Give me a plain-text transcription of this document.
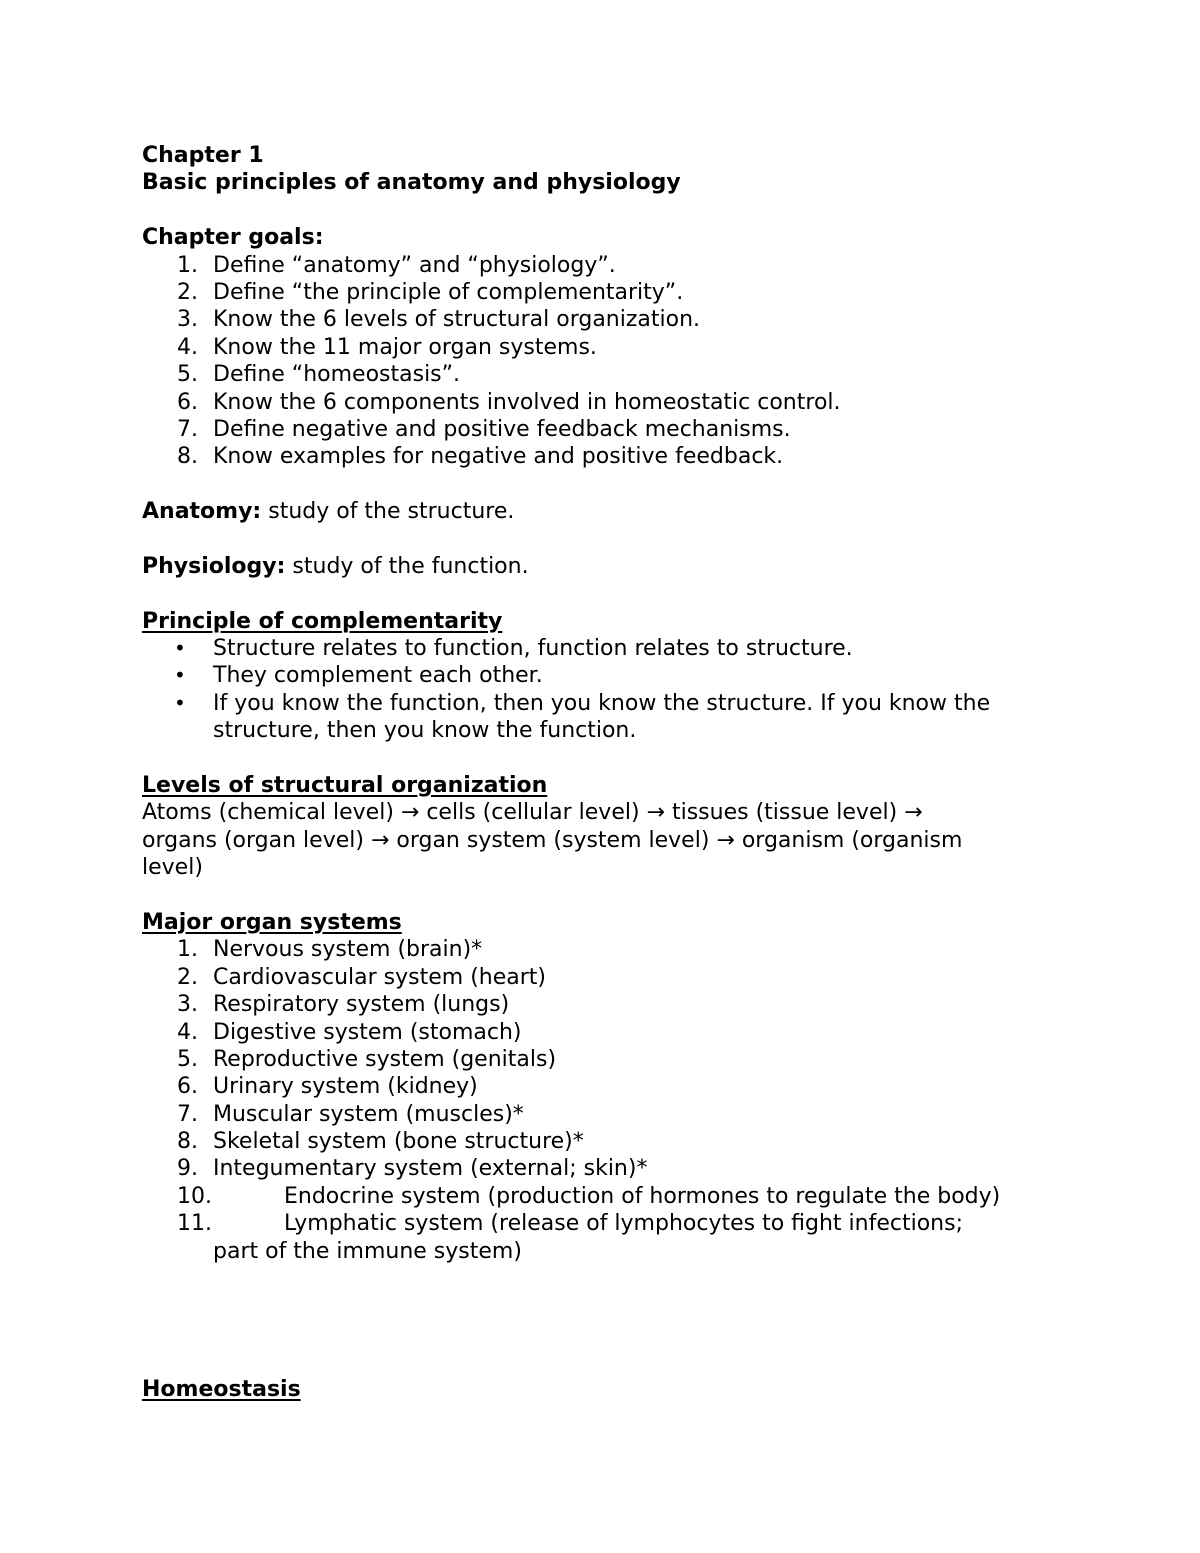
Chapter 1
Basic principles of anatomy and physiology
Chapter goals:
1. Define “anatomy” and “physiology”.
2. Define “the principle of complementarity”.
3. Know the 6 levels of structural organization.
4. Know the 11 major organ systems.
5. Define “homeostasis”.
6. Know the 6 components involved in homeostatic control.
7. Define negative and positive feedback mechanisms.
8. Know examples for negative and positive feedback.
Anatomy: study of the structure.
Physiology: study of the function.
Principle of complementarity
• Structure relates to function, function relates to structure.
• They complement each other.
• If you know the function, then you know the structure. If you know the
structure, then you know the function.
Levels of structural organization
Atoms (chemical level) → cells (cellular level) → tissues (tissue level) →
organs (organ level) → organ system (system level) → organism (organism
level)
Major organ systems
1. Nervous system (brain)*
2. Cardiovascular system (heart)
3. Respiratory system (lungs)
4. Digestive system (stomach)
5. Reproductive system (genitals)
6. Urinary system (kidney)
7. Muscular system (muscles)*
8. Skeletal system (bone structure)*
9. Integumentary system (external; skin)*
10.	Endocrine system (production of hormones to regulate the body)
11.	Lymphatic system (release of lymphocytes to fight infections;
part of the immune system)
Homeostasis
